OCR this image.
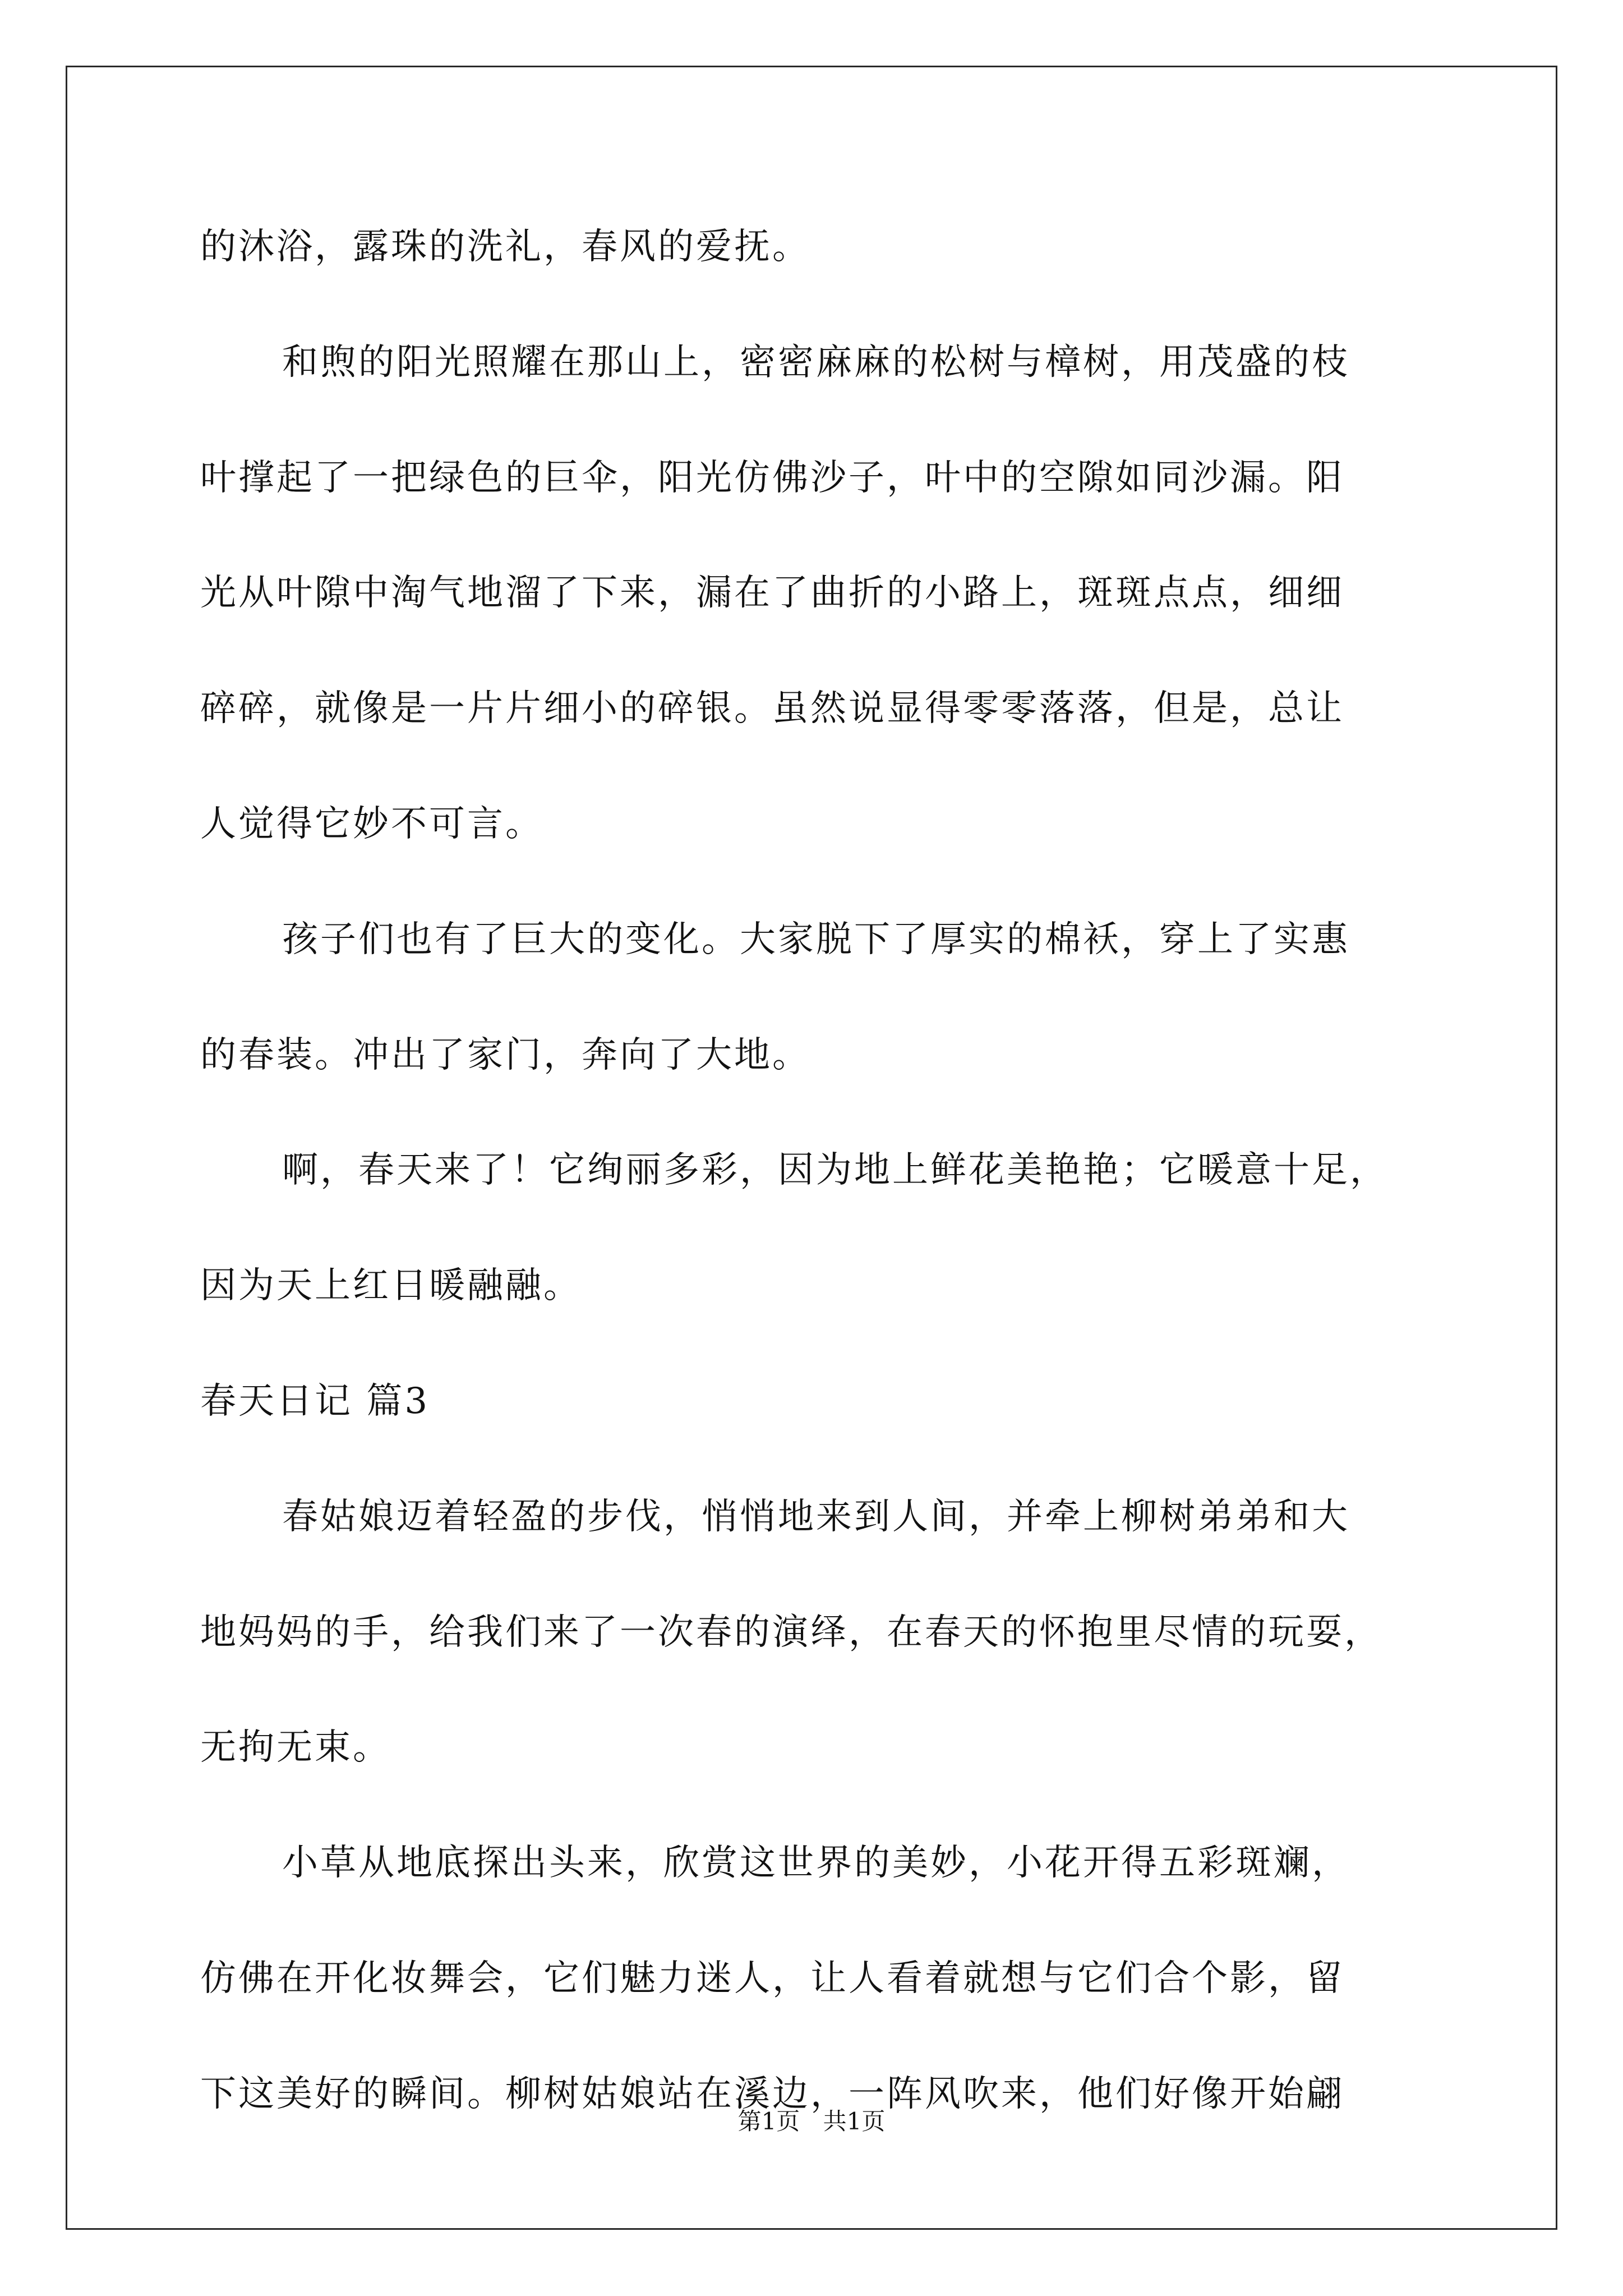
的沐浴，露珠的洗礼，春风的爱抚。
和煦的阳光照耀在那山上，密密麻麻的松树与樟树，用茂盛的枝
叶撑起了一把绿色的巨伞，阳光仿佛沙子，叶中的空隙如同沙漏。阳
光从叶隙中淘气地溜了下来，漏在了曲折的小路上，斑斑点点，细细
碎碎，就像是一片片细小的碎银。虽然说显得零零落落，但是，总让
人觉得它妙不可言。
孩子们也有了巨大的变化。大家脱下了厚实的棉袄，穿上了实惠
的春装。冲出了家门，奔向了大地。
啊，春天来了！它绚丽多彩，因为地上鲜花美艳艳；它暖意十足，
因为天上红日暖融融。
春天日记 篇3
春姑娘迈着轻盈的步伐，悄悄地来到人间，并牵上柳树弟弟和大
地妈妈的手，给我们来了一次春的演绎，在春天的怀抱里尽情的玩耍，
无拘无束。
小草从地底探出头来，欣赏这世界的美妙，小花开得五彩斑斓，
仿佛在开化妆舞会，它们魅力迷人，让人看着就想与它们合个影，留
下这美好的瞬间。柳树姑娘站在溪边，一阵风吹来，他们好像开始翩
第1页 共1页
